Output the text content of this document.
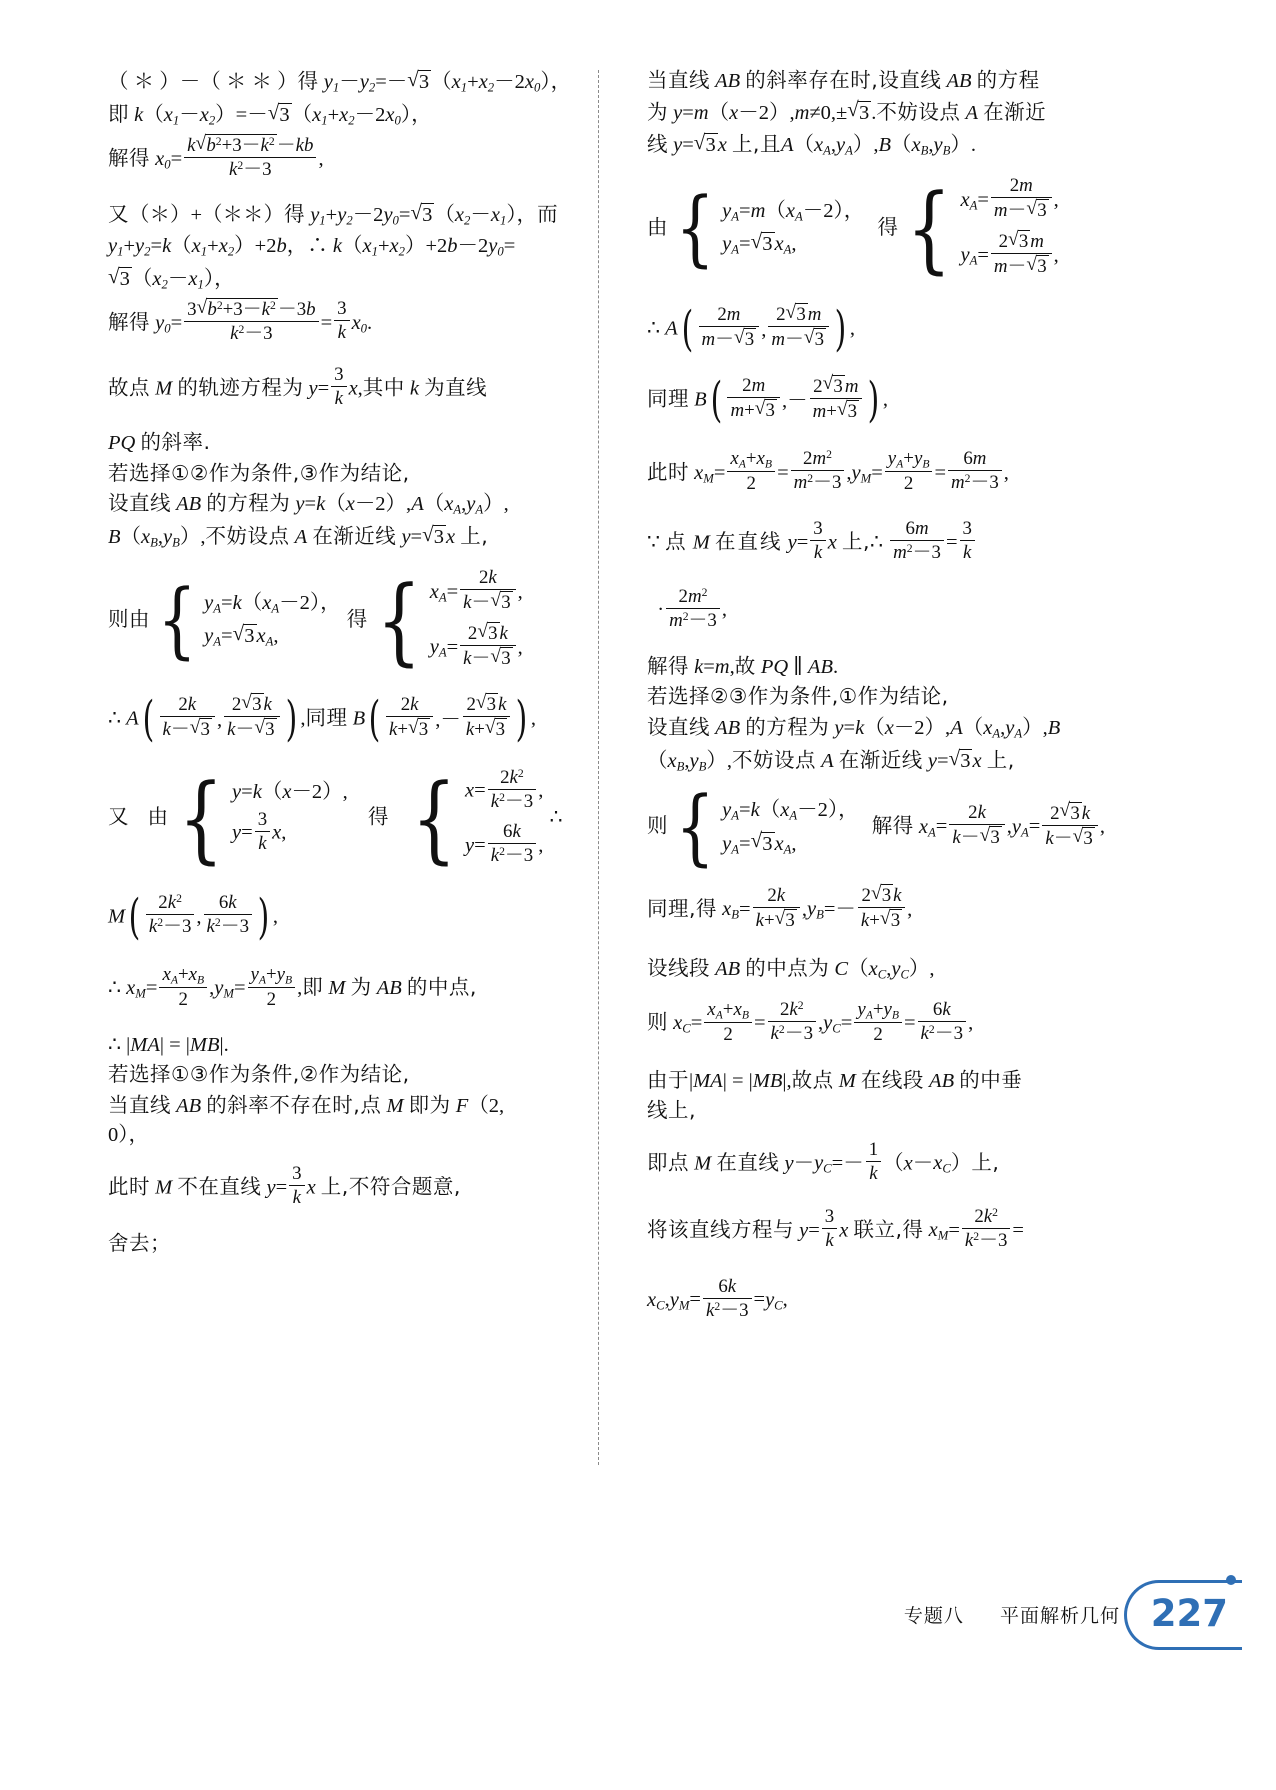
（ ＊ ）－（ ＊ ＊ ）得 $y_1-y_2=-$ √ $3(x_1+x_2-2x_0)$，
即 $k(x_1-x_2)=-$ √ $3(x_1+x_2-2x_0)$，
解得 $x_0= \frac{k √ b^2+3-k^2 -kb}{k^2-3}$ ,
又（＊）+（＊＊）得 $y_1+y_2-2y_0=$ √ $3(x_2-x_1)$，而
$y_1+y_2=k(x_1+x_2)+2b$，∴ $k(x_1+x_2)+2b-2y_0=$
√ $3(x_2-x_1)$，
解得 $y_0= \frac{3 √ b^2+3-k^2 -3b}{k^2-3} = \frac{3}{k} x_0$.
故点 M 的轨迹方程为 $y= \frac{3}{k} x$,其中 k 为直线
PQ 的斜率.
若选择①②作为条件,③作为结论,
设直线 AB 的方程为 $y=k(x-2),A(x_A,y_A)$,
$B(x_B,y_B)$,不妨设点 A 在渐近线 y= √ 3x 上,
则由 { $y_A=k(x_A-2)$，
$y_A=$ √ $3x_A$,
得 { $x_A= \frac{2k}{k- √ 3}$ ,
$y_A= \frac{2 √ 3 k}{k- √ 3}$ ,
∴ A ( $\frac{2k}{k- √ 3}$ , $\frac{2 √ 3 k}{k- √ 3}$ ) ,同理 B ( $\frac{2k}{k+ √ 3}$ ,－ $\frac{2 √ 3 k}{k+ √ 3}$ ) ,
又  由 { y=k（x－2）,
$y= \frac{3}{k} x$,
得 { $x= \frac{2k^2}{k^2-3}$ ,
$y= \frac{6k}{k^2-3}$ ,
∴
M ( $\frac{2k^2}{k^2-3}$ , $\frac{6k}{k^2-3}$ ) ,
∴ $x_M= \frac{x_A+x_B}{2} ,y_M= \frac{y_A+y_B}{2}$ ,即 M 为 AB 的中点,
∴ |MA| = |MB|.
若选择①③作为条件,②作为结论,
当直线 AB 的斜率不存在时,点 M 即为 F（2,
0），
此时 M 不在直线 $y= \frac{3}{k}$ x 上,不符合题意,
舍去；
当直线 AB 的斜率存在时,设直线 AB 的方程
为 y=m（x－2）,m≠0,± √ 3.不妨设点 A 在渐近
线 y= √ 3x 上,且$A(x_A,y_A),B(x_B,y_B)$.
由 { $y_A=m(x_A-2)$，
$y_A=$ √ $3x_A$,
得 { $x_A= \frac{2m}{m- √ 3}$ ,
$y_A= \frac{2 √ 3 m}{m- √ 3}$ ,
∴ A ( $\frac{2m}{m- √ 3}$ , $\frac{2 √ 3 m}{m- √ 3}$ ) ,
同理 B ( $\frac{2m}{m+ √ 3}$ ,－ $\frac{2 √ 3 m}{m+ √ 3}$ ) ,
此时 $x_M= \frac{x_A+x_B}{2} = \frac{2m^2}{m^2-3} ,y_M= \frac{y_A+y_B}{2} = \frac{6m}{m^2-3}$ ,
∵ 点 M 在直线 $y= \frac{3}{k}$ x 上,∴ $\frac{6m}{m^2-3} = \frac{3}{k}$
· $\frac{2m^2}{m^2-3}$ ,
解得 k=m,故 PQ ∥ AB.
若选择②③作为条件,①作为结论,
设直线 AB 的方程为 $y=k(x-2),A(x_A,y_A),B$
$(x_B,y_B)$,不妨设点 A 在渐近线 y= √ 3x 上,
则 { $y_A=k(x_A-2)$，
$y_A=$ √ $3x_A$,
解得 $x_A= \frac{2k}{k- √ 3} ,y_A= \frac{2 √ 3 k}{k- √ 3}$ ,
同理,得 $x_B= \frac{2k}{k+ √ 3} ,y_B=- \frac{2 √ 3 k}{k+ √ 3}$ ,
设线段 AB 的中点为 $C(x_C,y_C)$,
则 $x_C= \frac{x_A+x_B}{2} = \frac{2k^2}{k^2-3} ,y_C= \frac{y_A+y_B}{2} = \frac{6k}{k^2-3}$ ,
由于|MA| = |MB|,故点 M 在线段 AB 的中垂
线上,
即点 M 在直线 $y-y_C=- \frac{1}{k} (x-x_C)$上,
将该直线方程与 $y= \frac{3}{k}$ x 联立,得 $x_M= \frac{2k^2}{k^2-3}$ =
$x_C,y_M= \frac{6k}{k^2-3} =y_C$,
专题八 平面解析几何 227
